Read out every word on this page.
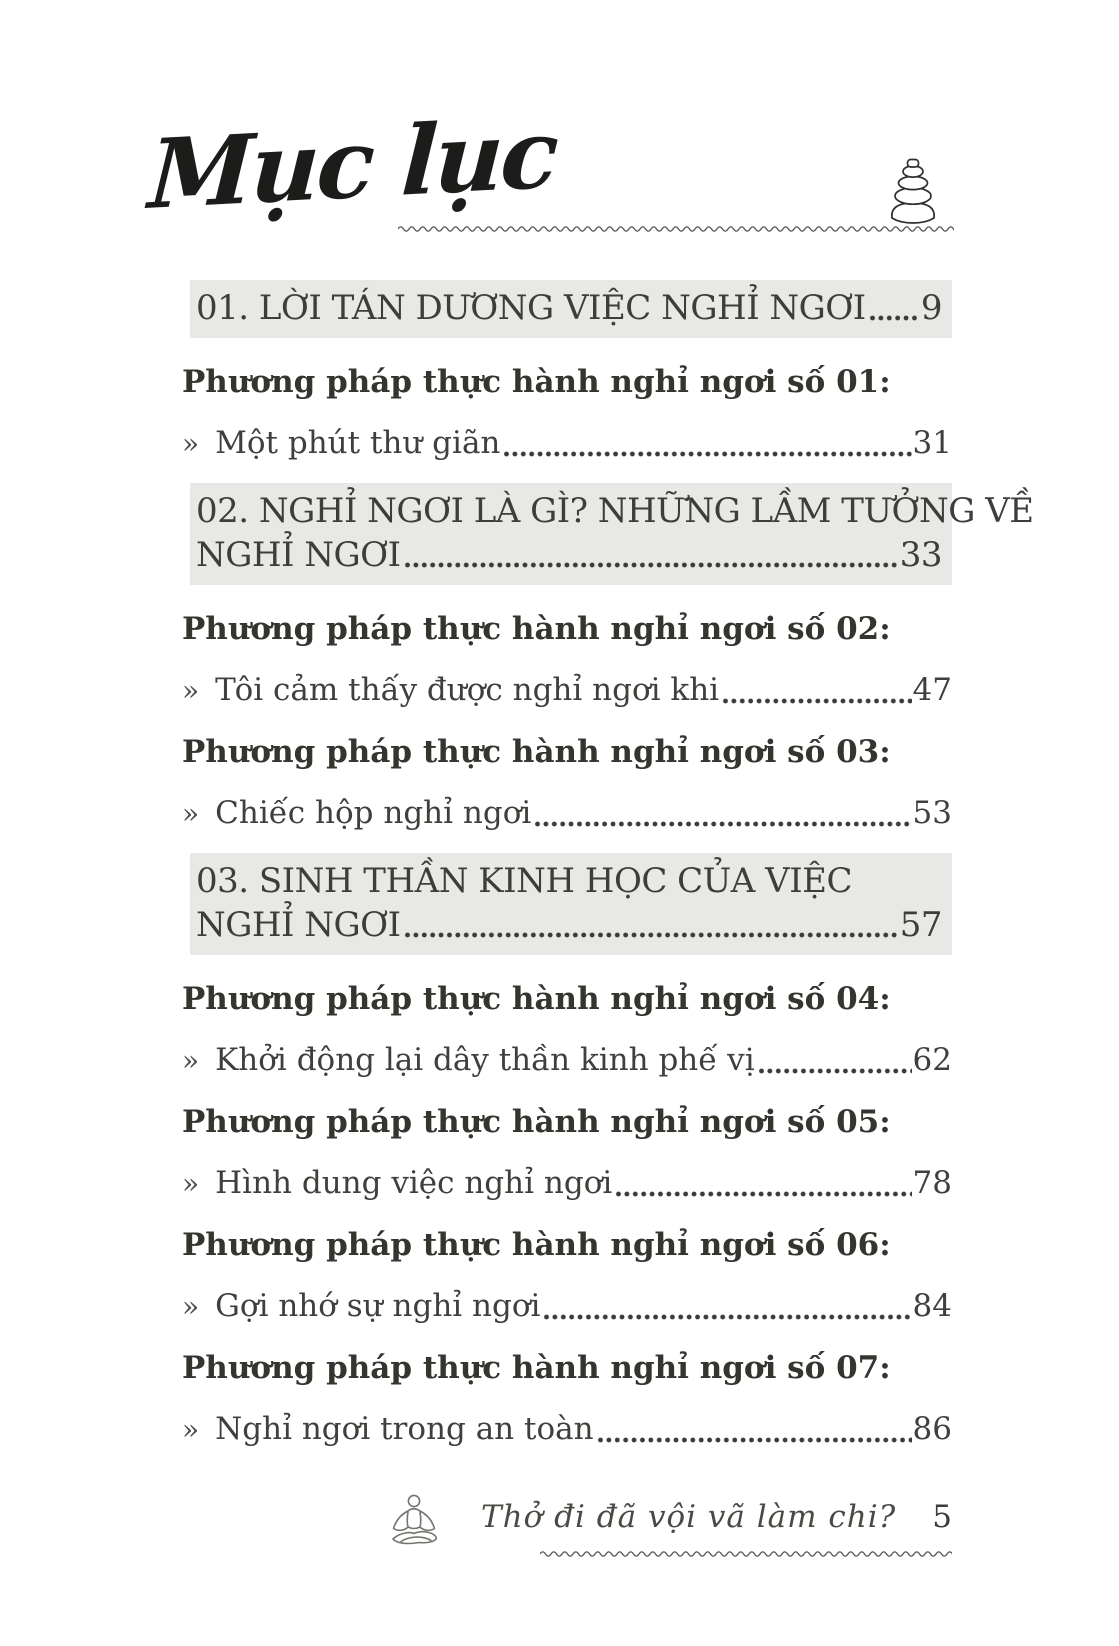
Mục lục
01. LỜI TÁN DƯƠNG VIỆC NGHỈ NGƠI 9
Phương pháp thực hành nghỉ ngơi số 01:
» Một phút thư giãn	31
02. NGHỈ NGƠI LÀ GÌ? NHỮNG LẦM TƯỞNG VỀ
NGHỈ NGƠI	33
Phương pháp thực hành nghỉ ngơi số 02:
» Tôi cảm thấy được nghỉ ngơi khi	47
Phương pháp thực hành nghỉ ngơi số 03:
» Chiếc hộp nghỉ ngơi	53
03. SINH THẦN KINH HỌC CỦA VIỆC
NGHỈ NGƠI	57
Phương pháp thực hành nghỉ ngơi số 04:
» Khởi động lại dây thần kinh phế vị	62
Phương pháp thực hành nghỉ ngơi số 05:
» Hình dung việc nghỉ ngơi	78
Phương pháp thực hành nghỉ ngơi số 06:
» Gợi nhớ sự nghỉ ngơi	84
Phương pháp thực hành nghỉ ngơi số 07:
» Nghỉ ngơi trong an toàn	86
Thở đi đã vội vã làm chi? 5
